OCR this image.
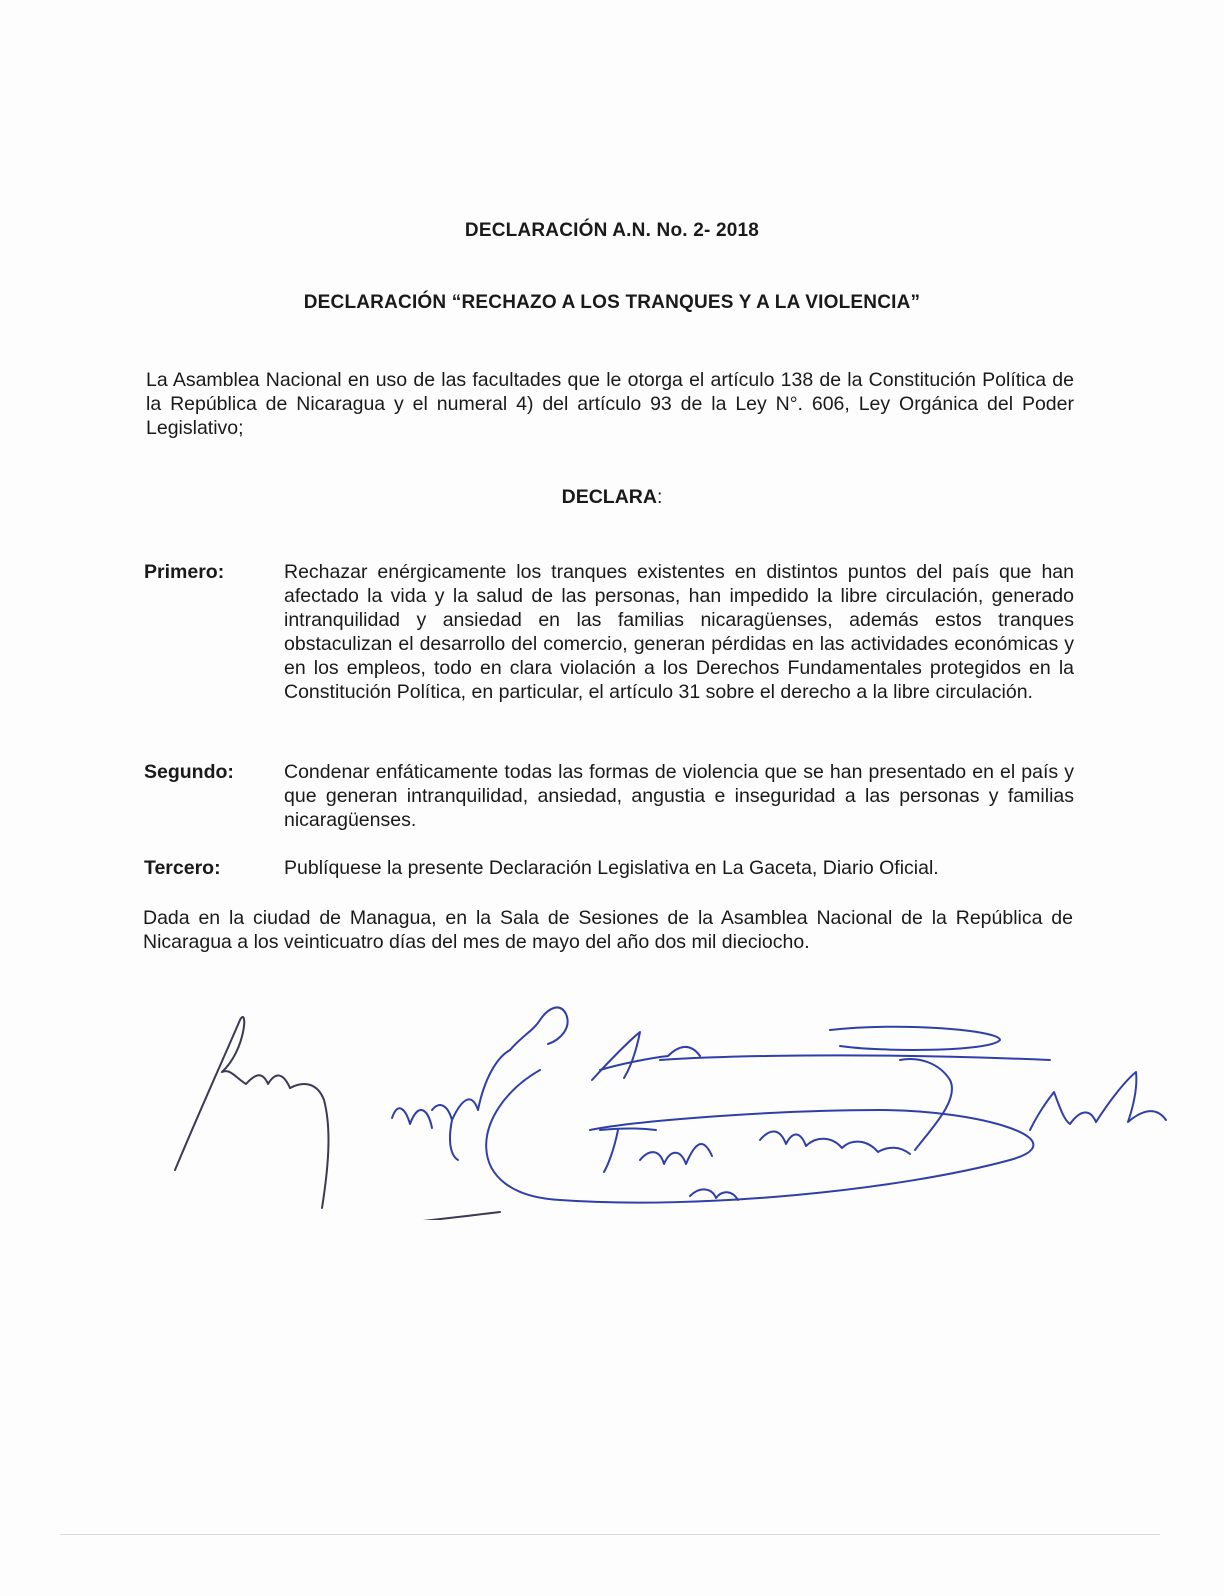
DECLARACIÓN A.N. No. 2- 2018
DECLARACIÓN “RECHAZO A LOS TRANQUES Y A LA VIOLENCIA”
La Asamblea Nacional en uso de las facultades que le otorga el artículo 138 de la Constitución Política de la República de Nicaragua y el numeral 4) del artículo 93 de la Ley N°. 606, Ley Orgánica del Poder Legislativo;
DECLARA:
Primero:	Rechazar enérgicamente los tranques existentes en distintos puntos del país que han afectado la vida y la salud de las personas, han impedido la libre circulación, generado intranquilidad y ansiedad en las familias nicaragüenses, además estos tranques obstaculizan el desarrollo del comercio, generan pérdidas en las actividades económicas y en los empleos, todo en clara violación a los Derechos Fundamentales protegidos en la Constitución Política, en particular, el artículo 31 sobre el derecho a la libre circulación.
Segundo:	Condenar enfáticamente todas las formas de violencia que se han presentado en el país y que generan intranquilidad, ansiedad, angustia e inseguridad a las personas y familias nicaragüenses.
Tercero:	Publíquese la presente Declaración Legislativa en La Gaceta, Diario Oficial.
Dada en la ciudad de Managua, en la Sala de Sesiones de la Asamblea Nacional de la República de Nicaragua a los veinticuatro días del mes de mayo del año dos mil dieciocho.
